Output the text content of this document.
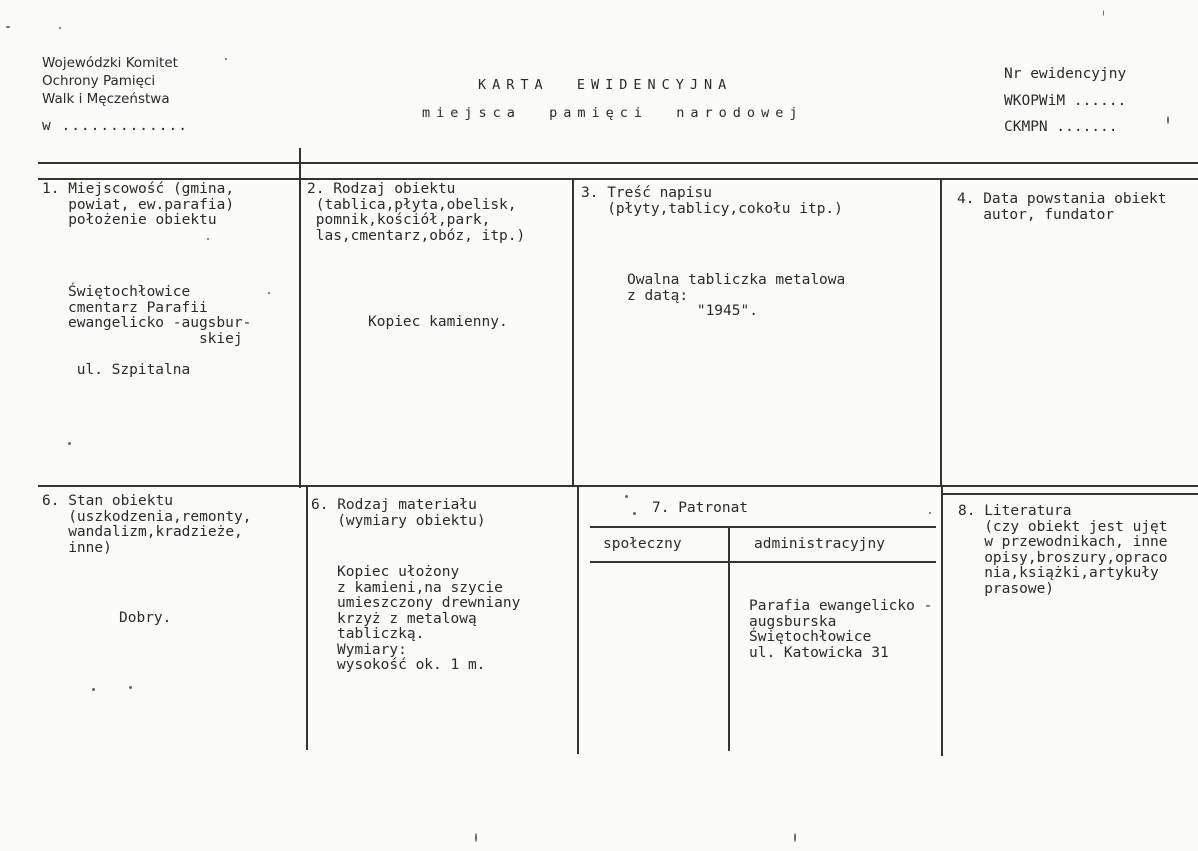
Wojewódzki Komitet
Ochrony Pamięci
Walk i Męczeństwa
w .............
KARTA  EWIDENCYJNA
miejsca  pamięci  narodowej
Nr ewidencyjny
WKOPWiM ......
CKMPN .......
1. Miejscowość (gmina,
powiat, ew.parafia)
położenie obiektu
Świętochłowice
cmentarz Parafii
ewangelicko -augsbur-
skiej

ul. Szpitalna
2. Rodzaj obiektu
(tablica,płyta,obelisk,
pomnik,kościół,park,
las,cmentarz,obóz, itp.)
Kopiec kamienny.
3. Treść napisu
(płyty,tablicy,cokołu itp.)
Owalna tabliczka metalowa
z datą:
"1945".
4. Data powstania obiekt
autor, fundator
6. Stan obiektu
(uszkodzenia,remonty,
wandalizm,kradzieże,
inne)
Dobry.
6. Rodzaj materiału
(wymiary obiektu)
Kopiec ułożony
z kamieni,na szycie
umieszczony drewniany
krzyż z metalową
tabliczką.
Wymiary:
wysokość ok. 1 m.
7. Patronat
społeczny	administracyjny
Parafia ewangelicko -
augsburska
Świętochłowice
ul. Katowicka 31
8. Literatura
(czy obiekt jest ujęt
w przewodnikach, inne
opisy,broszury,opraco
nia,książki,artykuły
prasowe)
